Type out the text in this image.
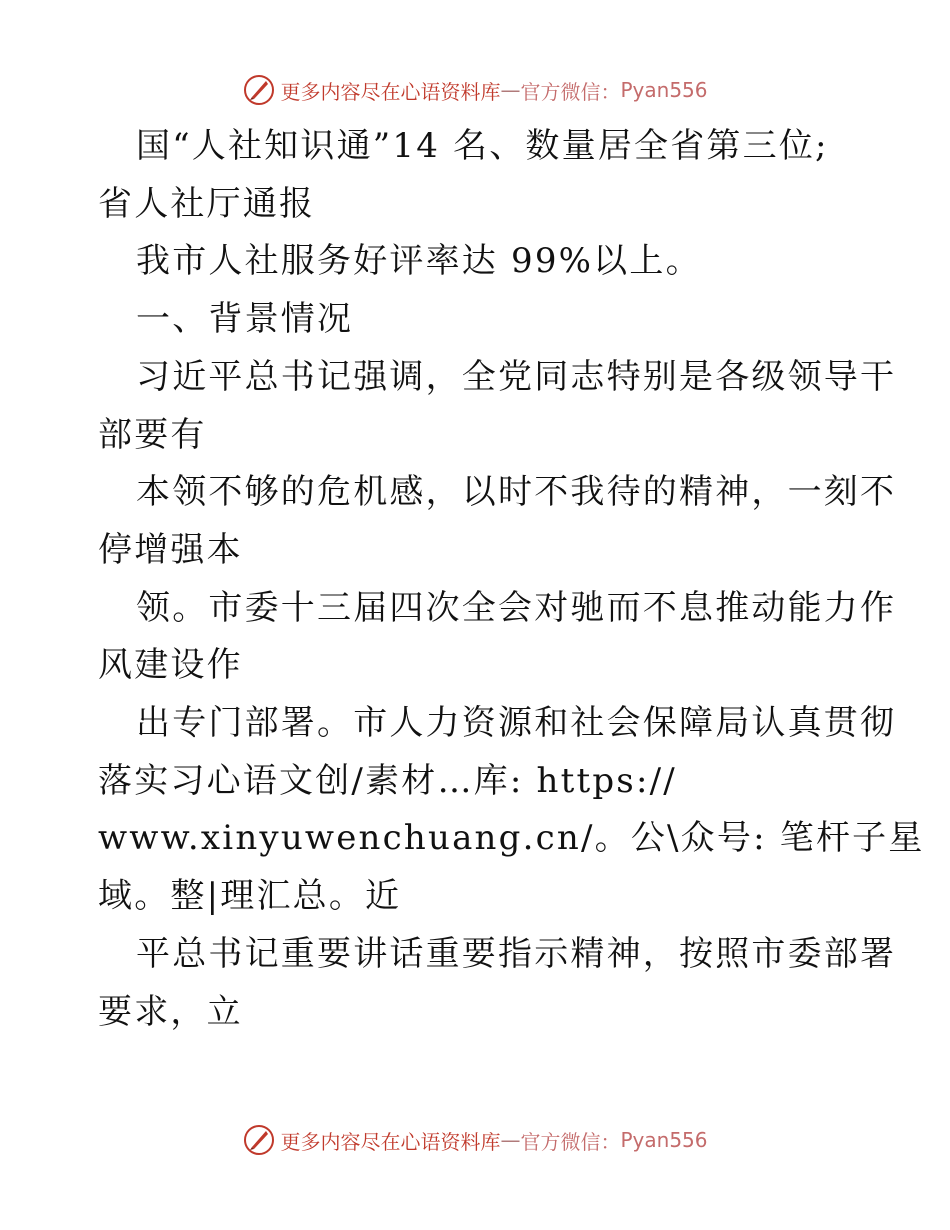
更多内容尽在心语资料库 — 官方微信： Pyan556
国“人社知识通”14 名、数量居全省第三位;
省人社厅通报
我市人社服务好评率达 99%以上。
一、背景情况
习近平总书记强调，全党同志特别是各级领导干
部要有
本领不够的危机感，以时不我待的精神，一刻不
停增强本
领。市委十三届四次全会对驰而不息推动能力作
风建设作
出专门部署。市人力资源和社会保障局认真贯彻
落实习心语文创/素材…库: https://
www.xinyuwenchuang.cn/。公\众号: 笔杆子星
域。整|理汇总。近
平总书记重要讲话重要指示精神，按照市委部署
要求，立
更多内容尽在心语资料库 — 官方微信： Pyan556
